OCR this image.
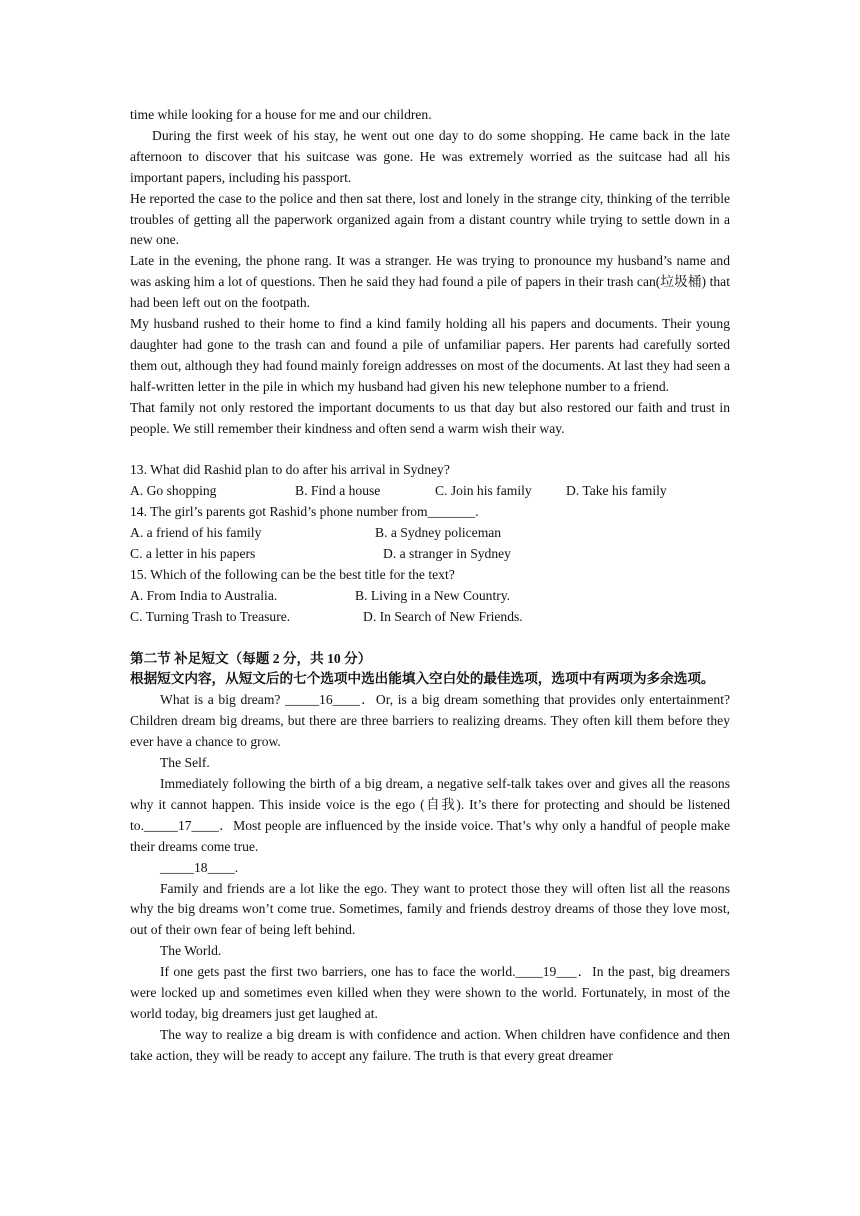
time while looking for a house for me and our children.

During the first week of his stay, he went out one day to do some shopping. He came back in the late afternoon to discover that his suitcase was gone. He was extremely worried as the suitcase had all his important papers, including his passport.

He reported the case to the police and then sat there, lost and lonely in the strange city, thinking of the terrible troubles of getting all the paperwork organized again from a distant country while trying to settle down in a new one.

Late in the evening, the phone rang. It was a stranger. He was trying to pronounce my husband’s name and was asking him a lot of questions. Then he said they had found a pile of papers in their trash can(垃圾桶) that had been left out on the footpath.

My husband rushed to their home to find a kind family holding all his papers and documents. Their young daughter had gone to the trash can and found a pile of unfamiliar papers. Her parents had carefully sorted them out, although they had found mainly foreign addresses on most of the documents. At last they had seen a half-written letter in the pile in which my husband had given his new telephone number to a friend.

That family not only restored the important documents to us that day but also restored our faith and trust in people. We still remember their kindness and often send a warm wish their way.

13. What did Rashid plan to do after his arrival in Sydney?

A. Go shopping	B. Find a house	C. Join his family	D. Take his family

14. The girl’s parents got Rashid’s phone number from_______.

A. a friend of his family	B. a Sydney policeman
C. a letter in his papers	D. a stranger in Sydney

15. Which of the following can be the best title for the text?

A. From India to Australia.	B. Living in a New Country.
C. Turning Trash to Treasure.	D. In Search of New Friends.

第二节 补足短文（每题 2 分，共 10 分）

根据短文内容，从短文后的七个选项中选出能填入空白处的最佳选项，选项中有两项为多余选项。

What is a big dream? _____16____．Or, is a big dream something that provides only entertainment? Children dream big dreams, but there are three barriers to realizing dreams. They often kill them before they ever have a chance to grow.

The Self.

Immediately following the birth of a big dream, a negative self-talk takes over and gives all the reasons why it cannot happen. This inside voice is the ego (自我). It’s there for protecting and should be listened to._____17____．Most people are influenced by the inside voice. That’s why only a handful of people make their dreams come true.

_____18____.

Family and friends are a lot like the ego. They want to protect those they will often list all the reasons why the big dreams won’t come true. Sometimes, family and friends destroy dreams of those they love most, out of their own fear of being left behind.

The World.

If one gets past the first two barriers, one has to face the world.____19___．In the past, big dreamers were locked up and sometimes even killed when they were shown to the world. Fortunately, in most of the world today, big dreamers just get laughed at.

The way to realize a big dream is with confidence and action. When children have confidence and then take action, they will be ready to accept any failure. The truth is that every great dreamer
